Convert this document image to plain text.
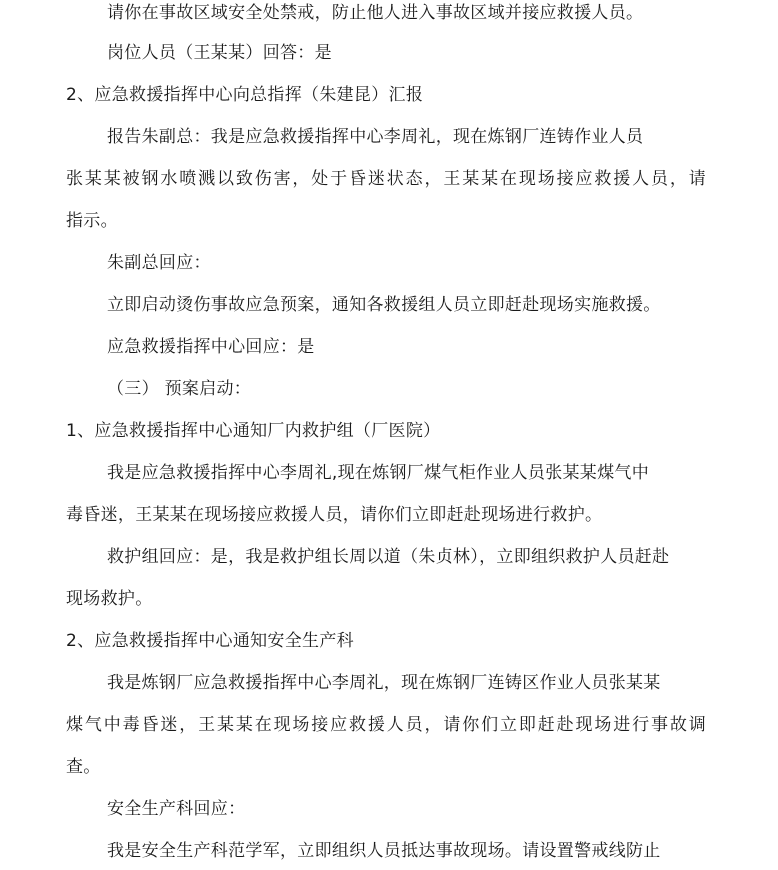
请你在事故区域安全处禁戒，防止他人进入事故区域并接应救援人员。
岗位人员（王某某）回答：是
2、应急救援指挥中心向总指挥（朱建昆）汇报
报告朱副总：我是应急救援指挥中心李周礼，现在炼钢厂连铸作业人员
张某某被钢水喷溅以致伤害，处于昏迷状态，王某某在现场接应救援人员，请
指示。
朱副总回应：
立即启动烫伤事故应急预案，通知各救援组人员立即赶赴现场实施救援。
应急救援指挥中心回应：是
（三） 预案启动：
1、应急救援指挥中心通知厂内救护组（厂医院）
我是应急救援指挥中心李周礼,现在炼钢厂煤气柜作业人员张某某煤气中
毒昏迷，王某某在现场接应救援人员，请你们立即赶赴现场进行救护。
救护组回应：是，我是救护组长周以道（朱贞林），立即组织救护人员赶赴
现场救护。
2、应急救援指挥中心通知安全生产科
我是炼钢厂应急救援指挥中心李周礼，现在炼钢厂连铸区作业人员张某某
煤气中毒昏迷，王某某在现场接应救援人员，请你们立即赶赴现场进行事故调
查。
安全生产科回应：
我是安全生产科范学军，立即组织人员抵达事故现场。请设置警戒线防止
